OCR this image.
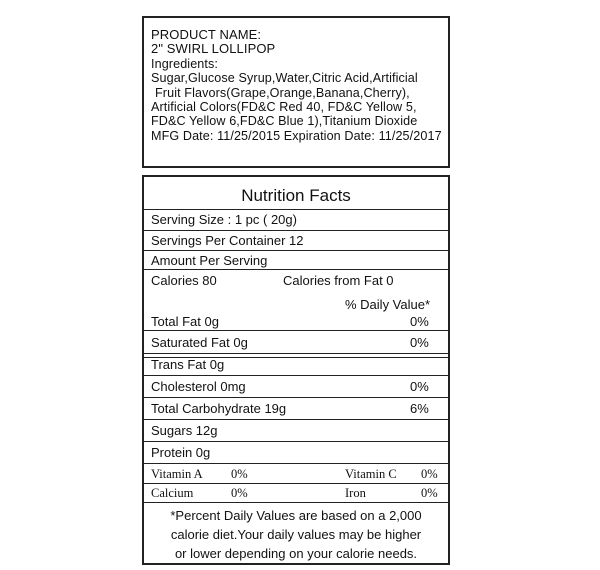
PRODUCT NAME:
2" SWIRL LOLLIPOP
Ingredients:
Sugar,Glucose Syrup,Water,Citric Acid,Artificial
Fruit Flavors(Grape,Orange,Banana,Cherry),
Artificial Colors(FD&C Red 40, FD&C Yellow 5,
FD&C Yellow 6,FD&C Blue 1),Titanium Dioxide
MFG Date: 11/25/2015 Expiration Date: 11/25/2017
Nutrition Facts
Serving Size : 1 pc ( 20g)
Servings Per Container 12
Amount Per Serving
Calories 80	Calories from Fat 0
% Daily Value*
Total Fat 0g	0%
Saturated Fat 0g	0%
Trans Fat 0g
Cholesterol 0mg	0%
Total Carbohydrate 19g	6%
Sugars 12g
Protein 0g
Vitamin A 0%	Vitamin C 0%
Calcium	0%	Iron	0%
*Percent Daily Values are based on a 2,000
calorie diet.Your daily values may be higher
or lower depending on your calorie needs.
